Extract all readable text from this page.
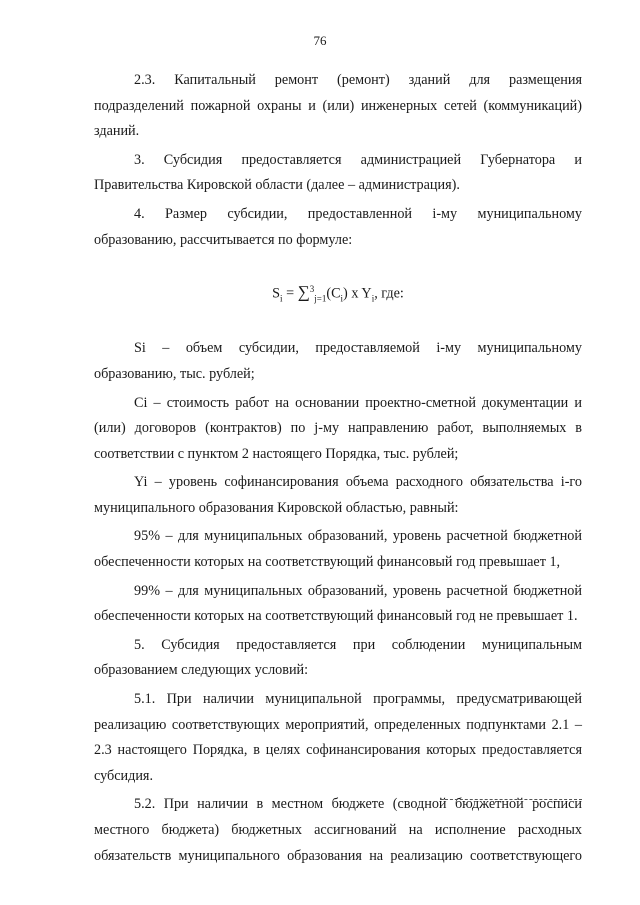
76

2.3. Капитальный ремонт (ремонт) зданий для размещения подразделений пожарной охраны и (или) инженерных сетей (коммуникаций) зданий.

3. Субсидия предоставляется администрацией Губернатора и Правительства Кировской области (далее – администрация).

4. Размер субсидии, предоставленной i-му муниципальному образованию, рассчитывается по формуле:

$S_i = \sum^3_{j=1}(C_i)$ x $Y_i$, где:

Si – объем субсидии, предоставляемой i-му муниципальному образованию, тыс. рублей;

Ci – стоимость работ на основании проектно-сметной документации и (или) договоров (контрактов) по j-му направлению работ, выполняемых в соответствии с пунктом 2 настоящего Порядка, тыс. рублей;

Yi – уровень софинансирования объема расходного обязательства i-го муниципального образования Кировской областью, равный:

95% – для муниципальных образований, уровень расчетной бюджетной обеспеченности которых на соответствующий финансовый год превышает 1,

99% – для муниципальных образований, уровень расчетной бюджетной обеспеченности которых на соответствующий финансовый год не превышает 1.

5. Субсидия предоставляется при соблюдении муниципальным образованием следующих условий:

5.1. При наличии муниципальной программы, предусматривающей реализацию соответствующих мероприятий, определенных подпунктами 2.1 – 2.3 настоящего Порядка, в целях софинансирования которых предоставляется субсидия.

5.2. При наличии в местном бюджете (сводной бюджетной росписи местного бюджета) бюджетных ассигнований на исполнение расходных обязательств муниципального образования на реализацию соответствующего
